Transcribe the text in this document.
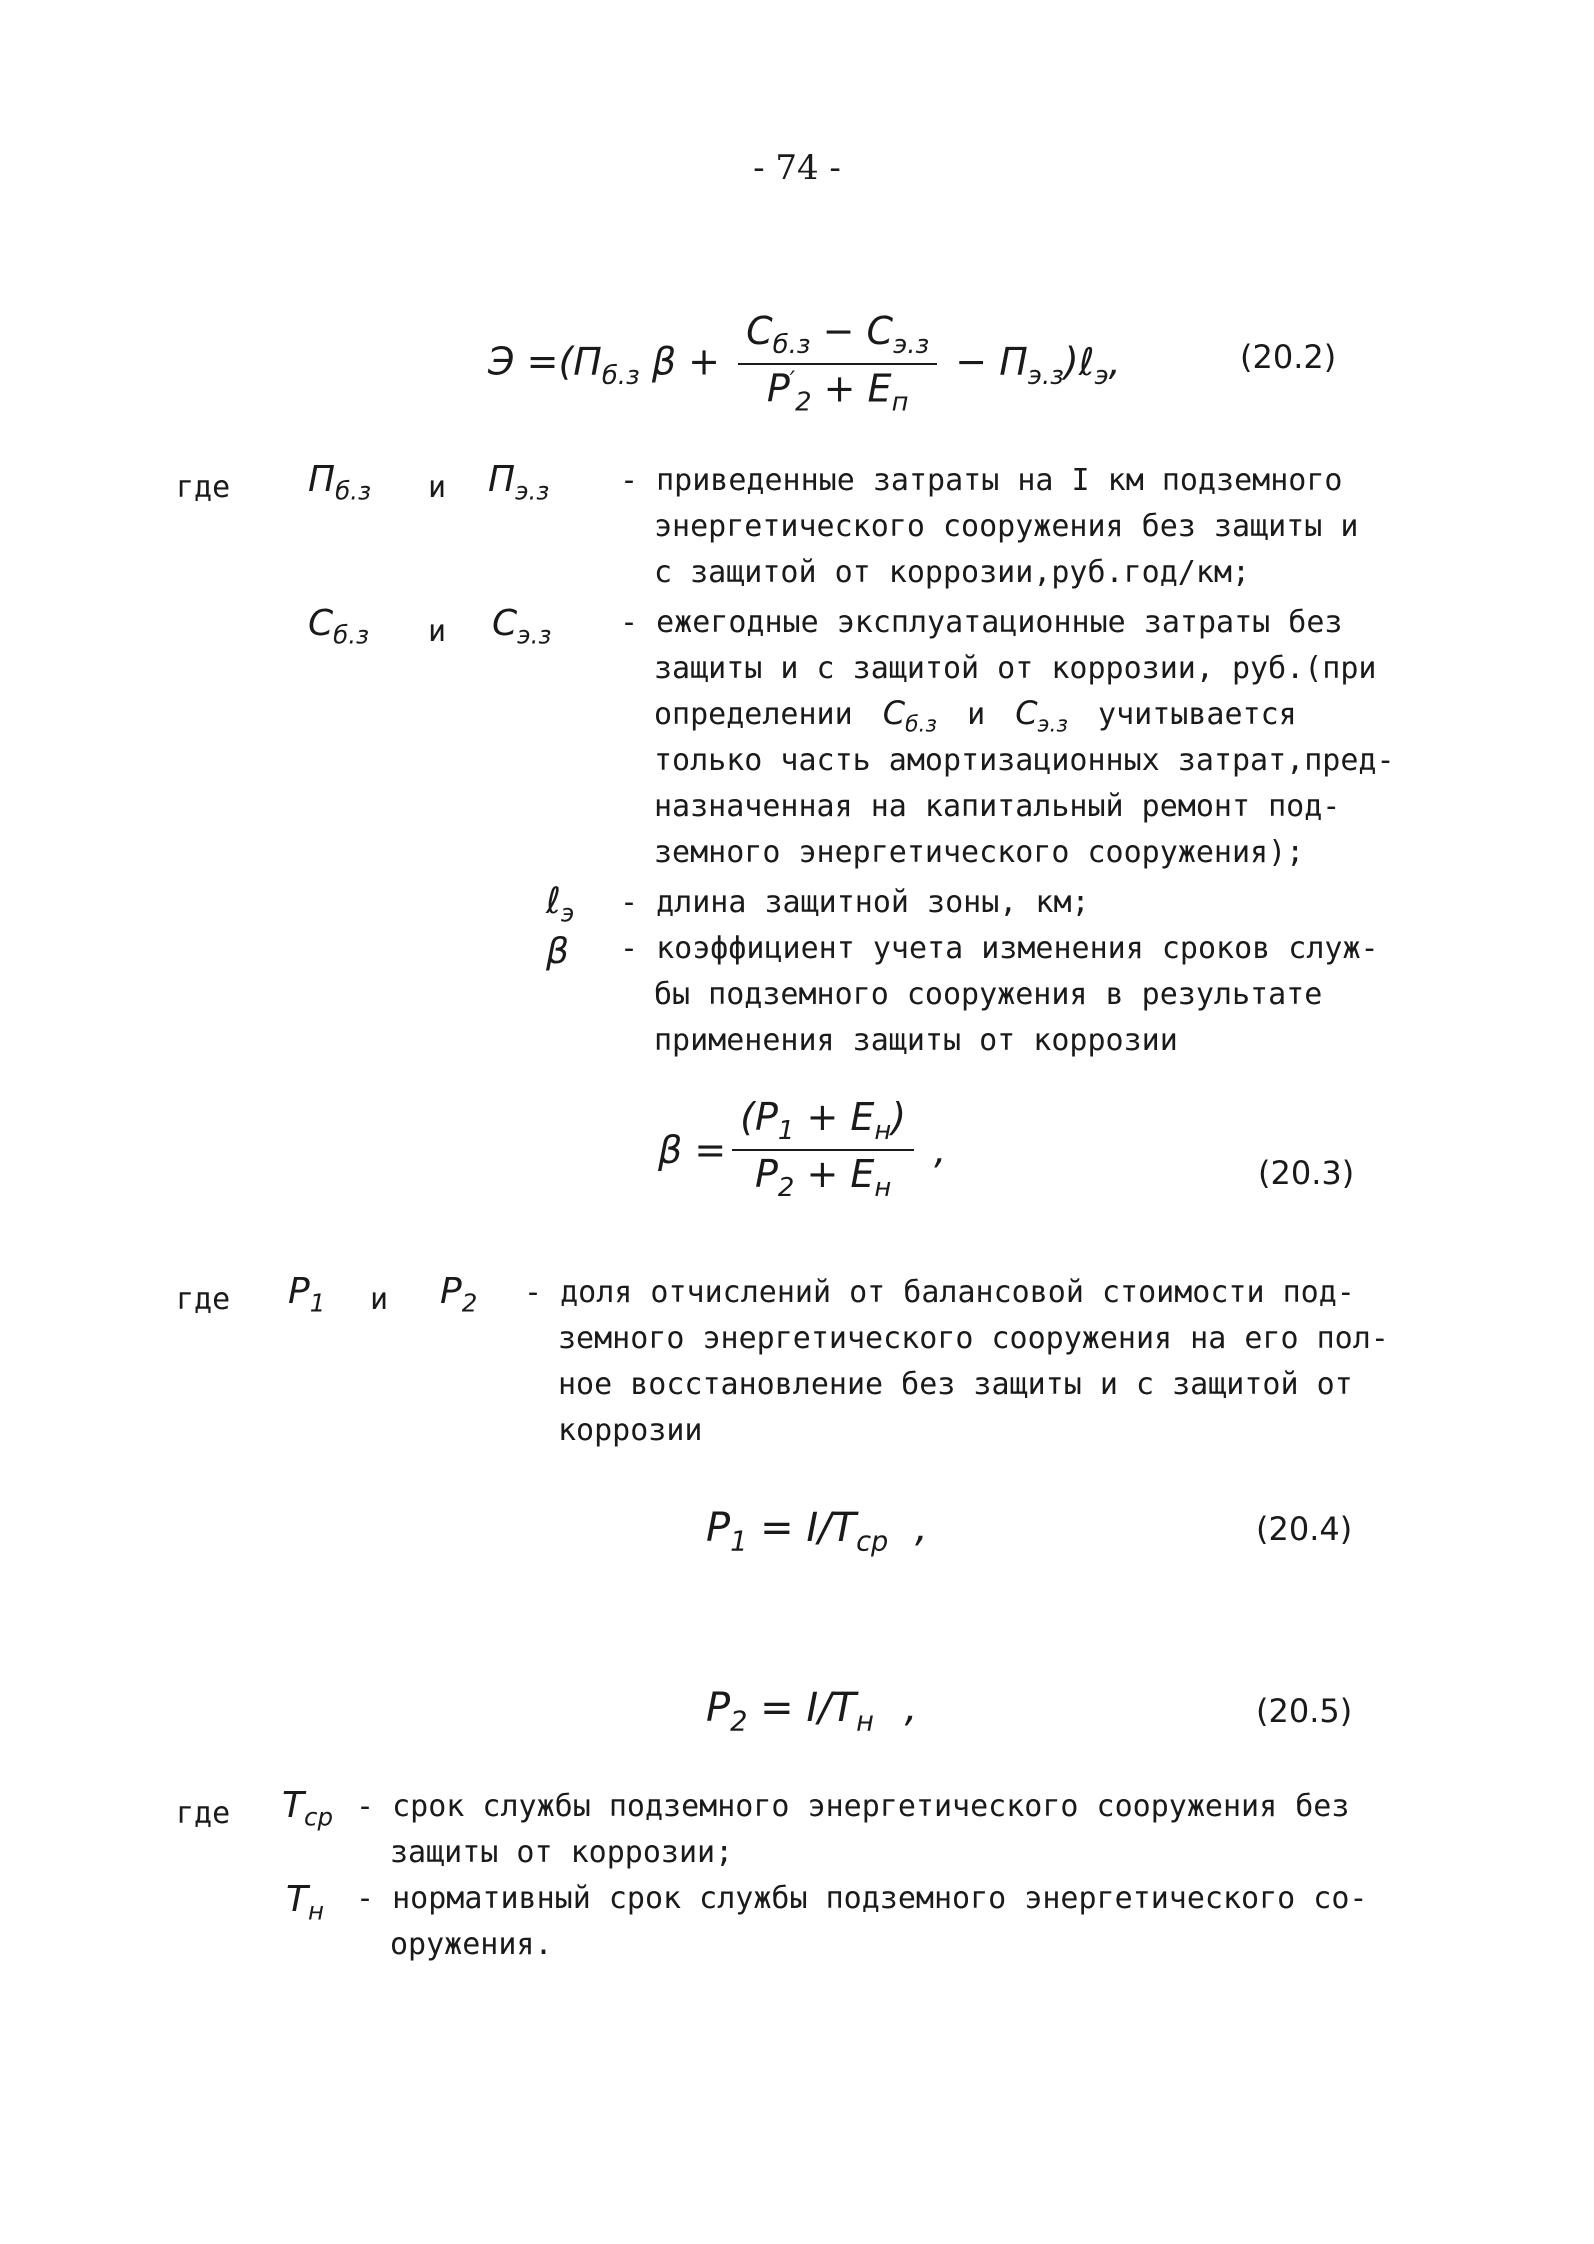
- 74 -
$Э =(П_{б.з}$ $\beta + \frac{C_{б.з} - C_{э.з}}{P'_2 + E_п}$ − $П_{э.з})\ell_э$,	(20.2)
где $П_{б.з}$ и $П_{э.з}$ - приведенные затраты на I км подземного
энергетического сооружения без защиты и
с защитой от коррозии,руб.год/км;
$C_{б.з}$ и $C_{э.з}$ - ежегодные эксплуатационные затраты без
защиты и с защитой от коррозии, руб.(при
определении $C_{б.з}$ и $C_{э.з}$ учитывается
только часть амортизационных затрат,пред-
назначенная на капитальный ремонт под-
земного энергетического сооружения);
ℓ$_э$ - длина защитной зоны, км;
β - коэффициент учета изменения сроков служ-
бы подземного сооружения в результате
применения защиты от коррозии
$\beta = \frac{(P_1 + E_н)}{P_2 + E_н}$ ,
(20.3)
где $P_1$ и $P_2$ - доля отчислений от балансовой стоимости под-
земного энергетического сооружения на его пол-
ное восстановление без защиты и с защитой от
коррозии
$P_1 = I/T_{ср}$ ,	(20.4)
$P_2 = I/T_н$ ,	(20.5)
где $T_{ср}$ - срок службы подземного энергетического сооружения без
защиты от коррозии;
$T_н$ - нормативный срок службы подземного энергетического со-
оружения.
